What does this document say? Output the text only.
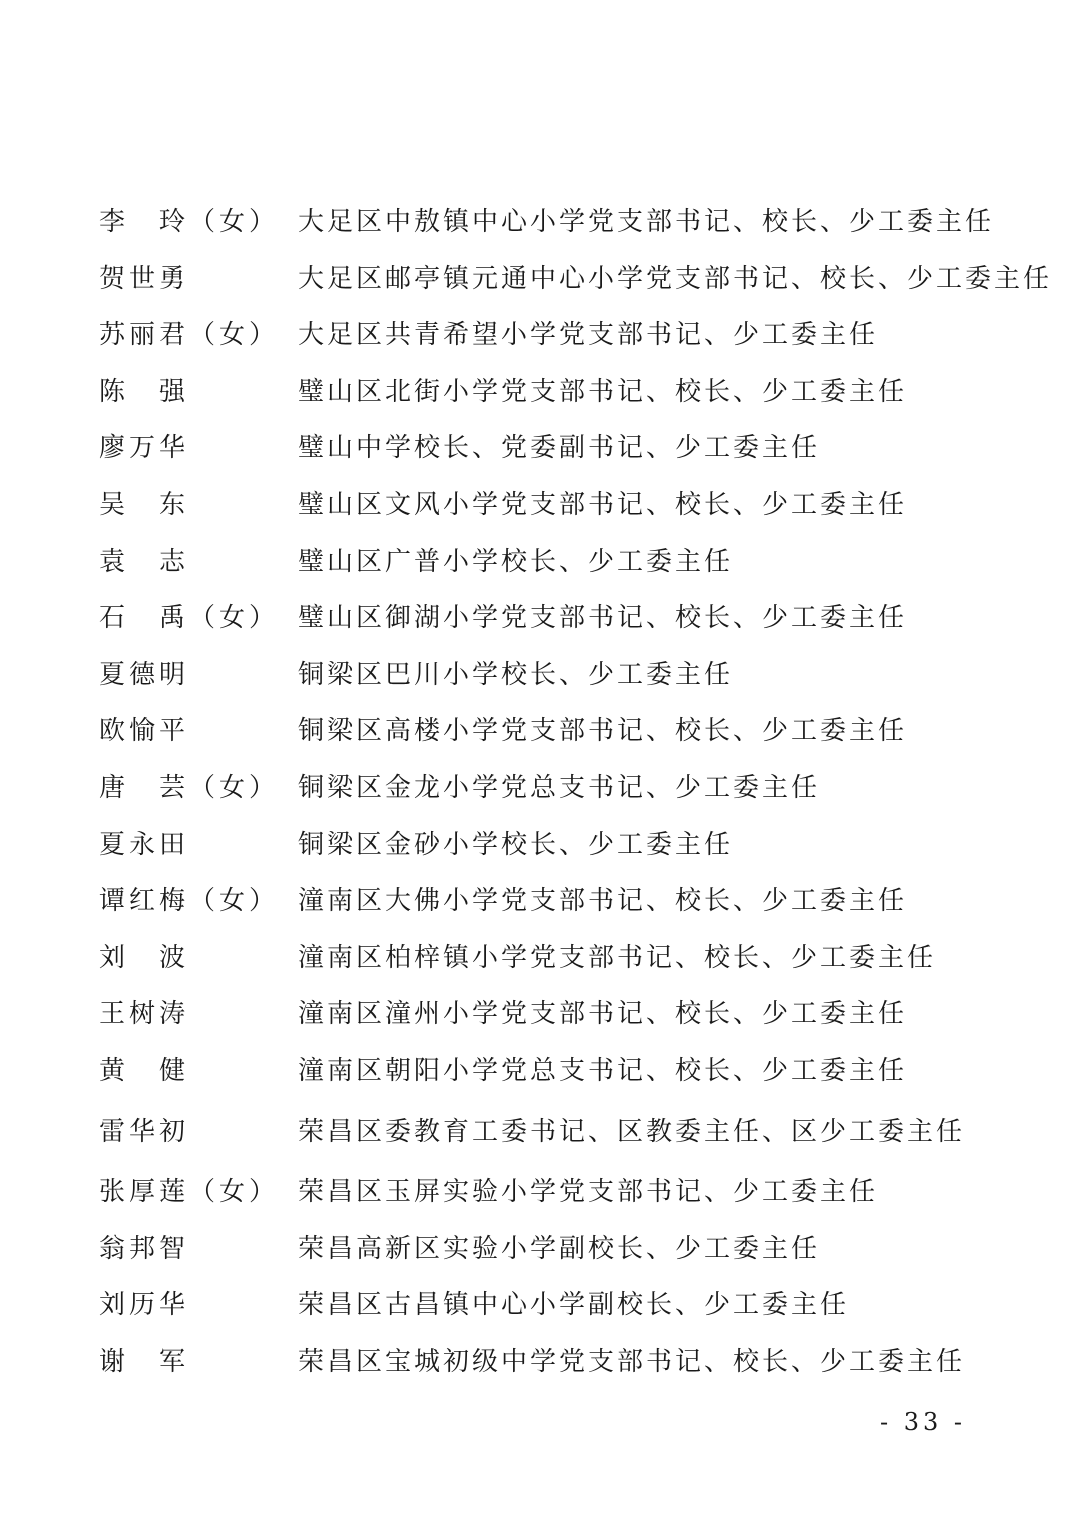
李　玲（女） 大足区中敖镇中心小学党支部书记、校长、少工委主任
贺世勇	大足区邮亭镇元通中心小学党支部书记、校长、少工委主任
苏丽君（女） 大足区共青希望小学党支部书记、少工委主任
陈　强	璧山区北街小学党支部书记、校长、少工委主任
廖万华	璧山中学校长、党委副书记、少工委主任
吴　东	璧山区文风小学党支部书记、校长、少工委主任
袁　志	璧山区广普小学校长、少工委主任
石　禹（女） 璧山区御湖小学党支部书记、校长、少工委主任
夏德明	铜梁区巴川小学校长、少工委主任
欧愉平	铜梁区高楼小学党支部书记、校长、少工委主任
唐　芸（女） 铜梁区金龙小学党总支书记、少工委主任
夏永田	铜梁区金砂小学校长、少工委主任
谭红梅（女） 潼南区大佛小学党支部书记、校长、少工委主任
刘　波	潼南区柏梓镇小学党支部书记、校长、少工委主任
王树涛	潼南区潼州小学党支部书记、校长、少工委主任
黄　健	潼南区朝阳小学党总支书记、校长、少工委主任
雷华初	荣昌区委教育工委书记、区教委主任、区少工委主任
张厚莲（女） 荣昌区玉屏实验小学党支部书记、少工委主任
翁邦智	荣昌高新区实验小学副校长、少工委主任
刘历华	荣昌区古昌镇中心小学副校长、少工委主任
谢　军	荣昌区宝城初级中学党支部书记、校长、少工委主任
- 33 -
